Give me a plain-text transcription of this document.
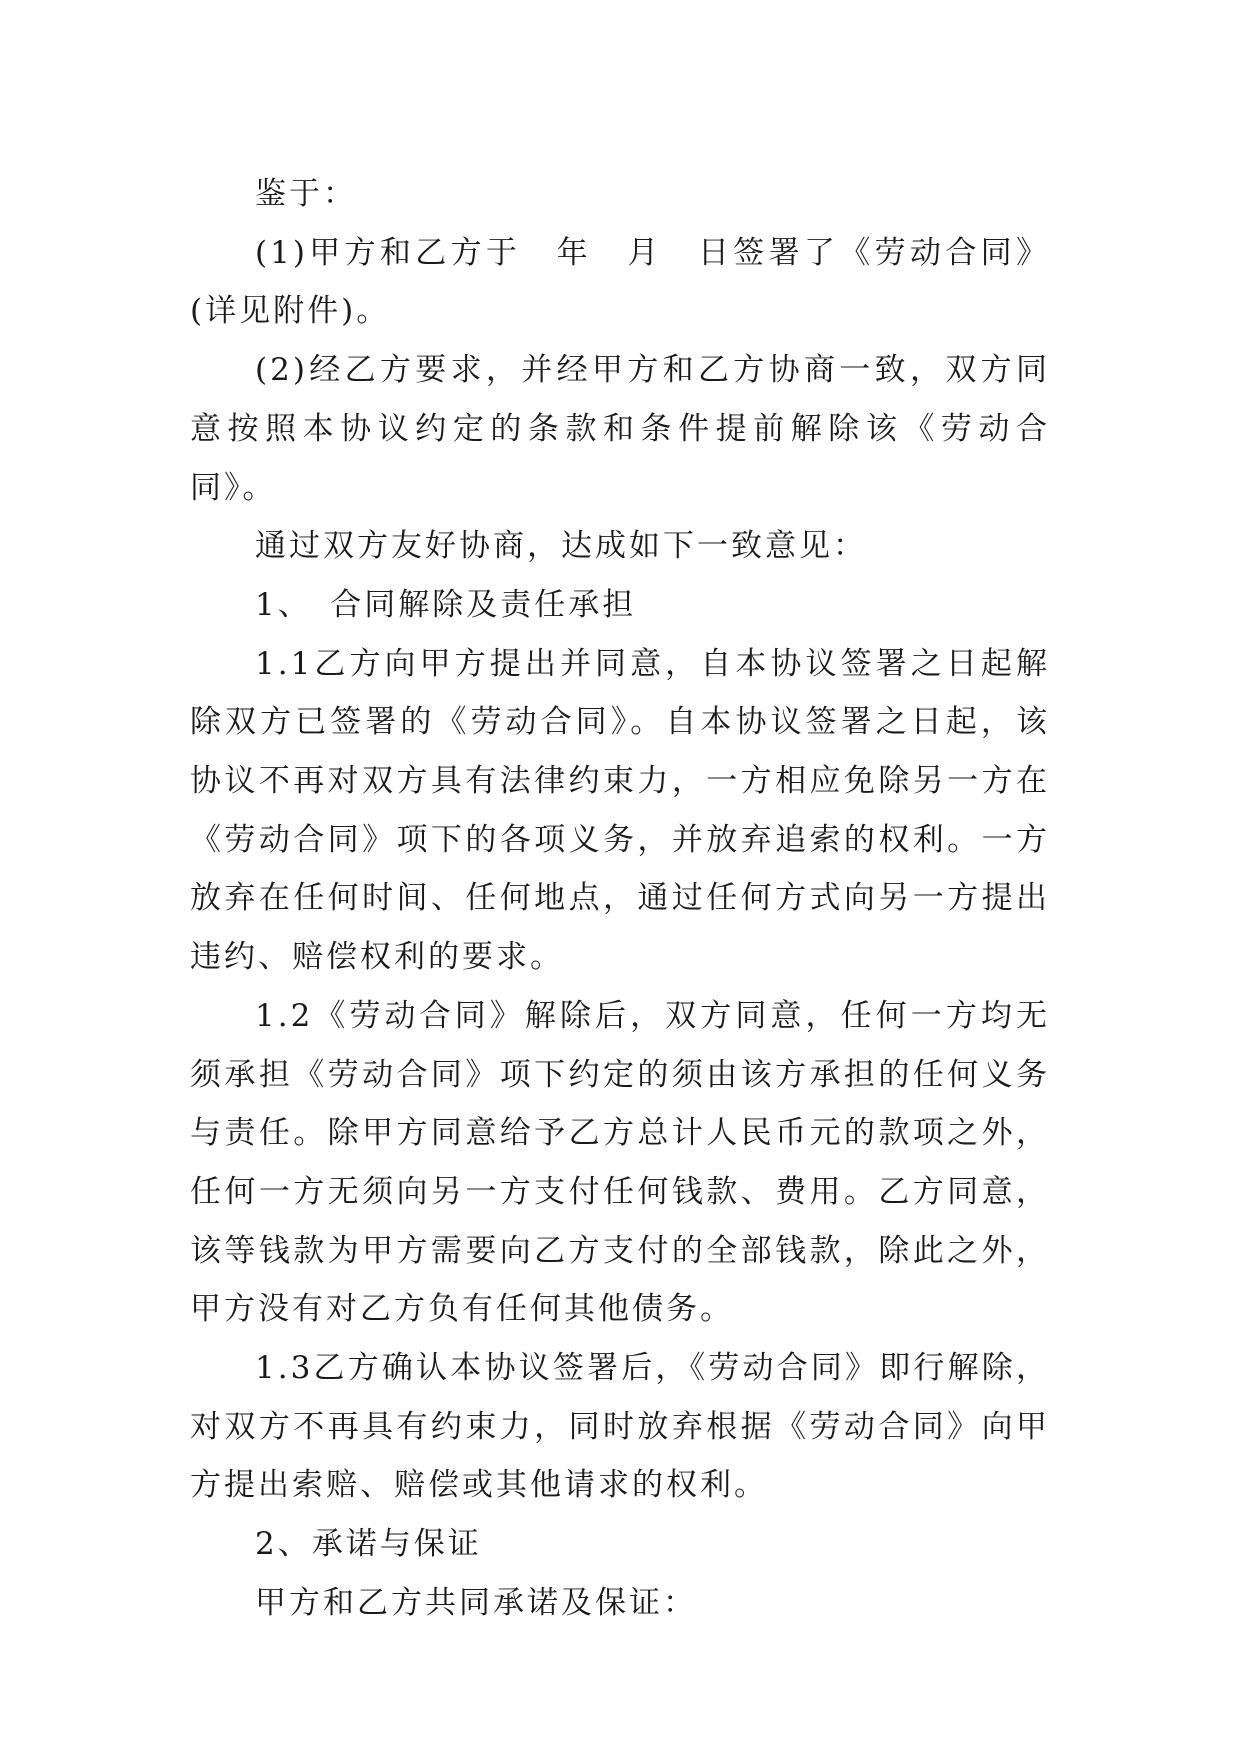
鉴于：

(1)甲方和乙方于　年　月　日签署了《劳动合同》(详见附件)。

(2)经乙方要求，并经甲方和乙方协商一致，双方同意按照本协议约定的条款和条件提前解除该《劳动合同》。

通过双方友好协商，达成如下一致意见：

1、　合同解除及责任承担

1.1乙方向甲方提出并同意，自本协议签署之日起解除双方已签署的《劳动合同》。自本协议签署之日起，该协议不再对双方具有法律约束力，一方相应免除另一方在《劳动合同》项下的各项义务，并放弃追索的权利。一方放弃在任何时间、任何地点，通过任何方式向另一方提出违约、赔偿权利的要求。

1.2《劳动合同》解除后，双方同意，任何一方均无须承担《劳动合同》项下约定的须由该方承担的任何义务与责任。除甲方同意给予乙方总计人民币元的款项之外，任何一方无须向另一方支付任何钱款、费用。乙方同意，该等钱款为甲方需要向乙方支付的全部钱款，除此之外，甲方没有对乙方负有任何其他债务。

1.3乙方确认本协议签署后，《劳动合同》即行解除，对双方不再具有约束力，同时放弃根据《劳动合同》向甲方提出索赔、赔偿或其他请求的权利。

2、承诺与保证

甲方和乙方共同承诺及保证：
